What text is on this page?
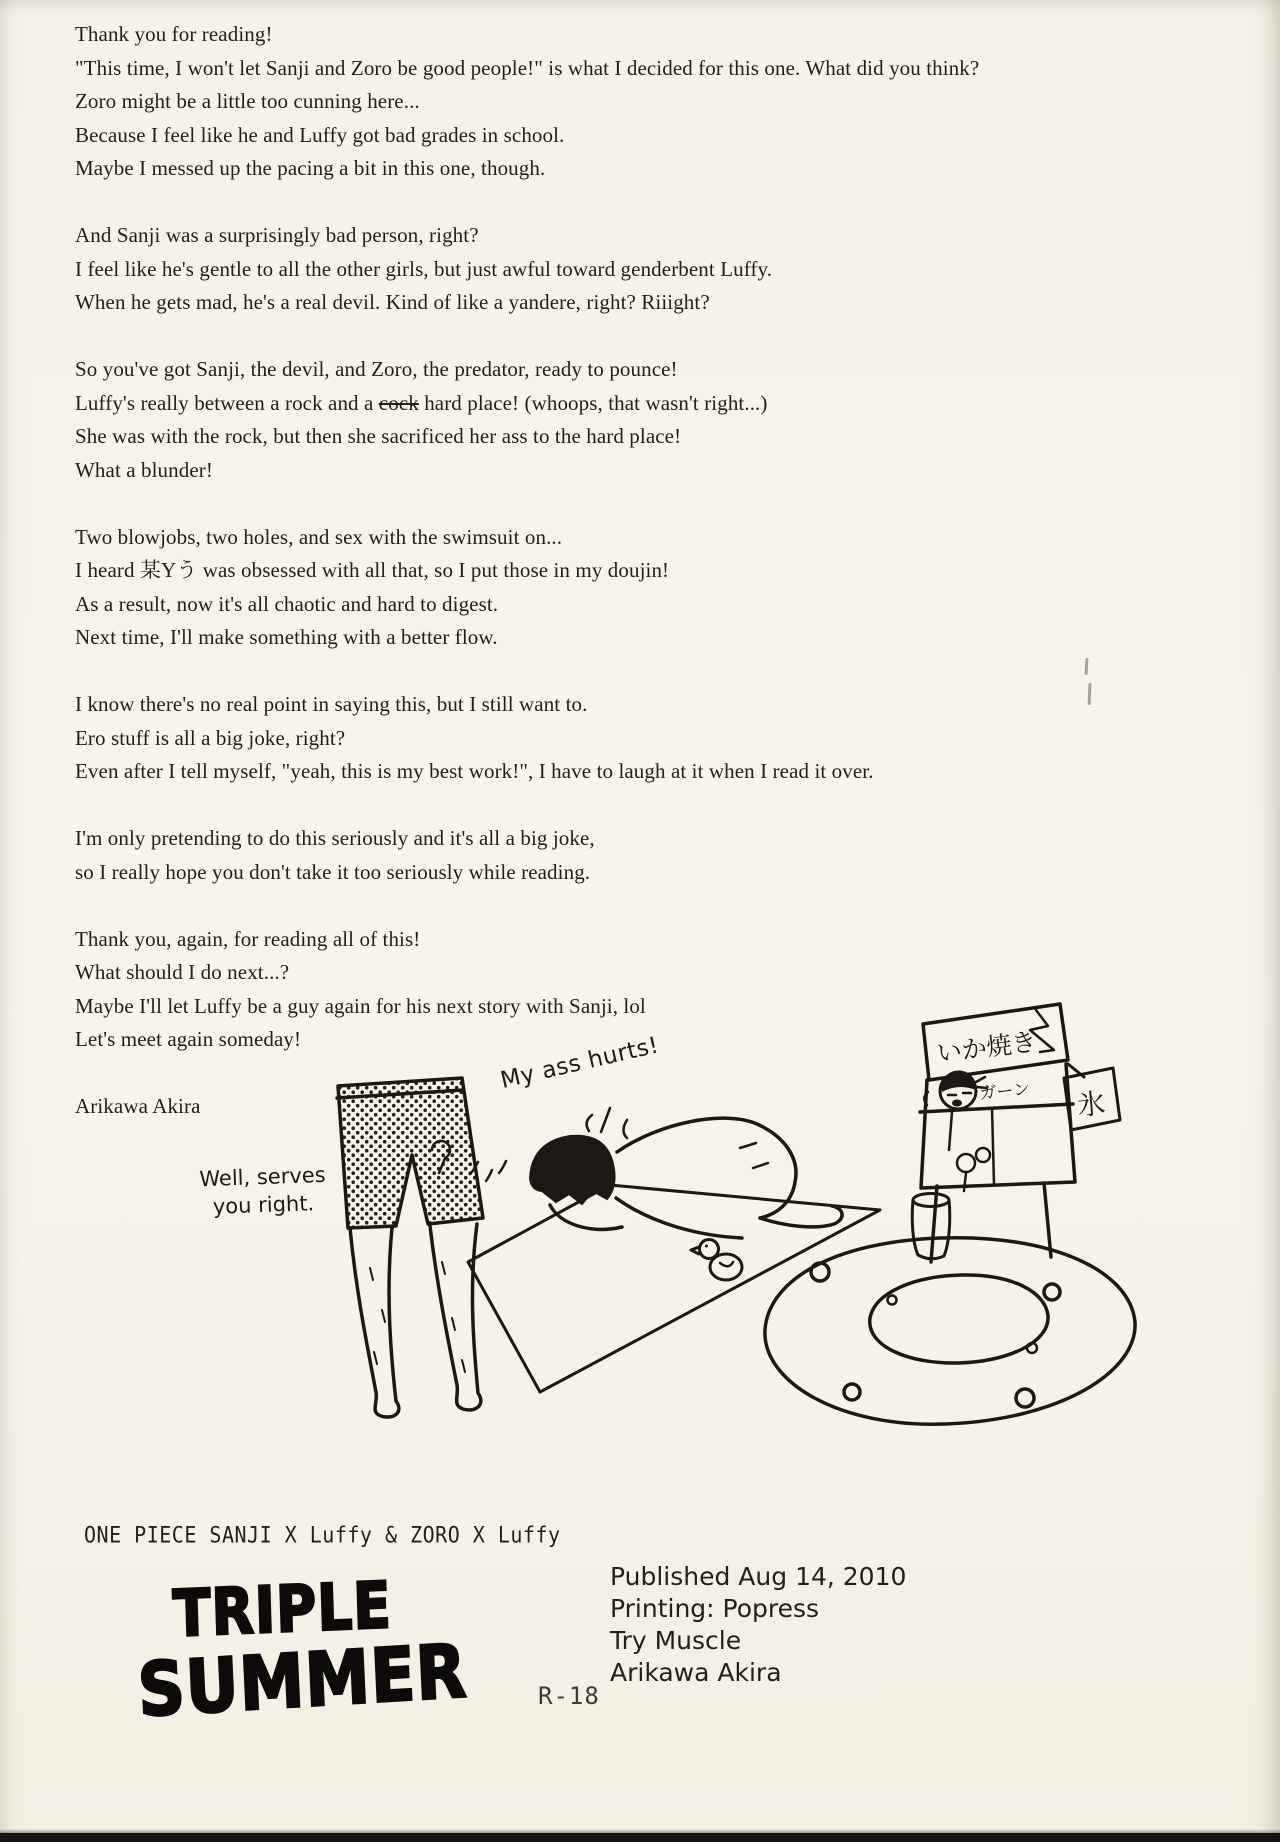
Thank you for reading!
"This time, I won't let Sanji and Zoro be good people!" is what I decided for this one. What did you think?
Zoro might be a little too cunning here...
Because I feel like he and Luffy got bad grades in school.
Maybe I messed up the pacing a bit in this one, though.

And Sanji was a surprisingly bad person, right?
I feel like he's gentle to all the other girls, but just awful toward genderbent Luffy.
When he gets mad, he's a real devil. Kind of like a yandere, right? Riiight?

So you've got Sanji, the devil, and Zoro, the predator, ready to pounce!
Luffy's really between a rock and a cock hard place! (whoops, that wasn't right...)
She was with the rock, but then she sacrificed her ass to the hard place!
What a blunder!

Two blowjobs, two holes, and sex with the swimsuit on...
I heard 某Yう was obsessed with all that, so I put those in my doujin!
As a result, now it's all chaotic and hard to digest.
Next time, I'll make something with a better flow.

I know there's no real point in saying this, but I still want to.
Ero stuff is all a big joke, right?
Even after I tell myself, "yeah, this is my best work!", I have to laugh at it when I read it over.

I'm only pretending to do this seriously and it's all a big joke,
so I really hope you don't take it too seriously while reading.

Thank you, again, for reading all of this!
What should I do next...?
Maybe I'll let Luffy be a guy again for his next story with Sanji, lol
Let's meet again someday!

Arikawa Akira

いか焼き
ガーン 氷
Well, serves
you right.
My ass hurts!
ONE PIECE SANJI X Luffy & ZORO X Luffy
TRIPLE
SUMMER	R-18
Published Aug 14, 2010
Printing: Popress
Try Muscle
Arikawa Akira
